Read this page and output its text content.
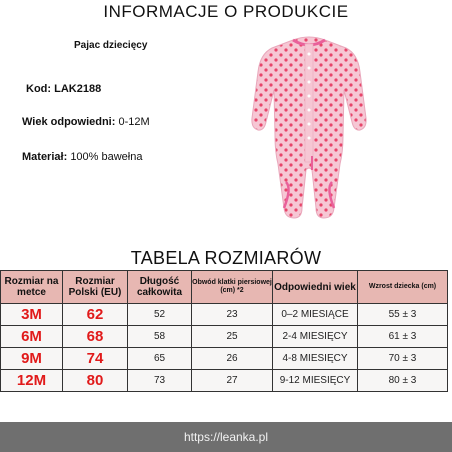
INFORMACJE O PRODUKCIE
Pajac dziecięcy
Kod: LAK2188
Wiek odpowiedni: 0-12M
Materiał: 100% bawełna
TABELA ROZMIARÓW
Rozmiar na metce	Rozmiar Polski (EU)	Długość całkowita	Obwód klatki piersiowej (cm) *2	Odpowiedni wiek	Wzrost dziecka (cm)
3M	62	52	23	0–2 MIESIĄCE	55 ± 3
6M	68	58	25	2-4 MIESIĘCY	61 ± 3
9M	74	65	26	4-8 MIESIĘCY	70 ± 3
12M	80	73	27	9-12 MIESIĘCY	80 ± 3
https://leanka.pl
